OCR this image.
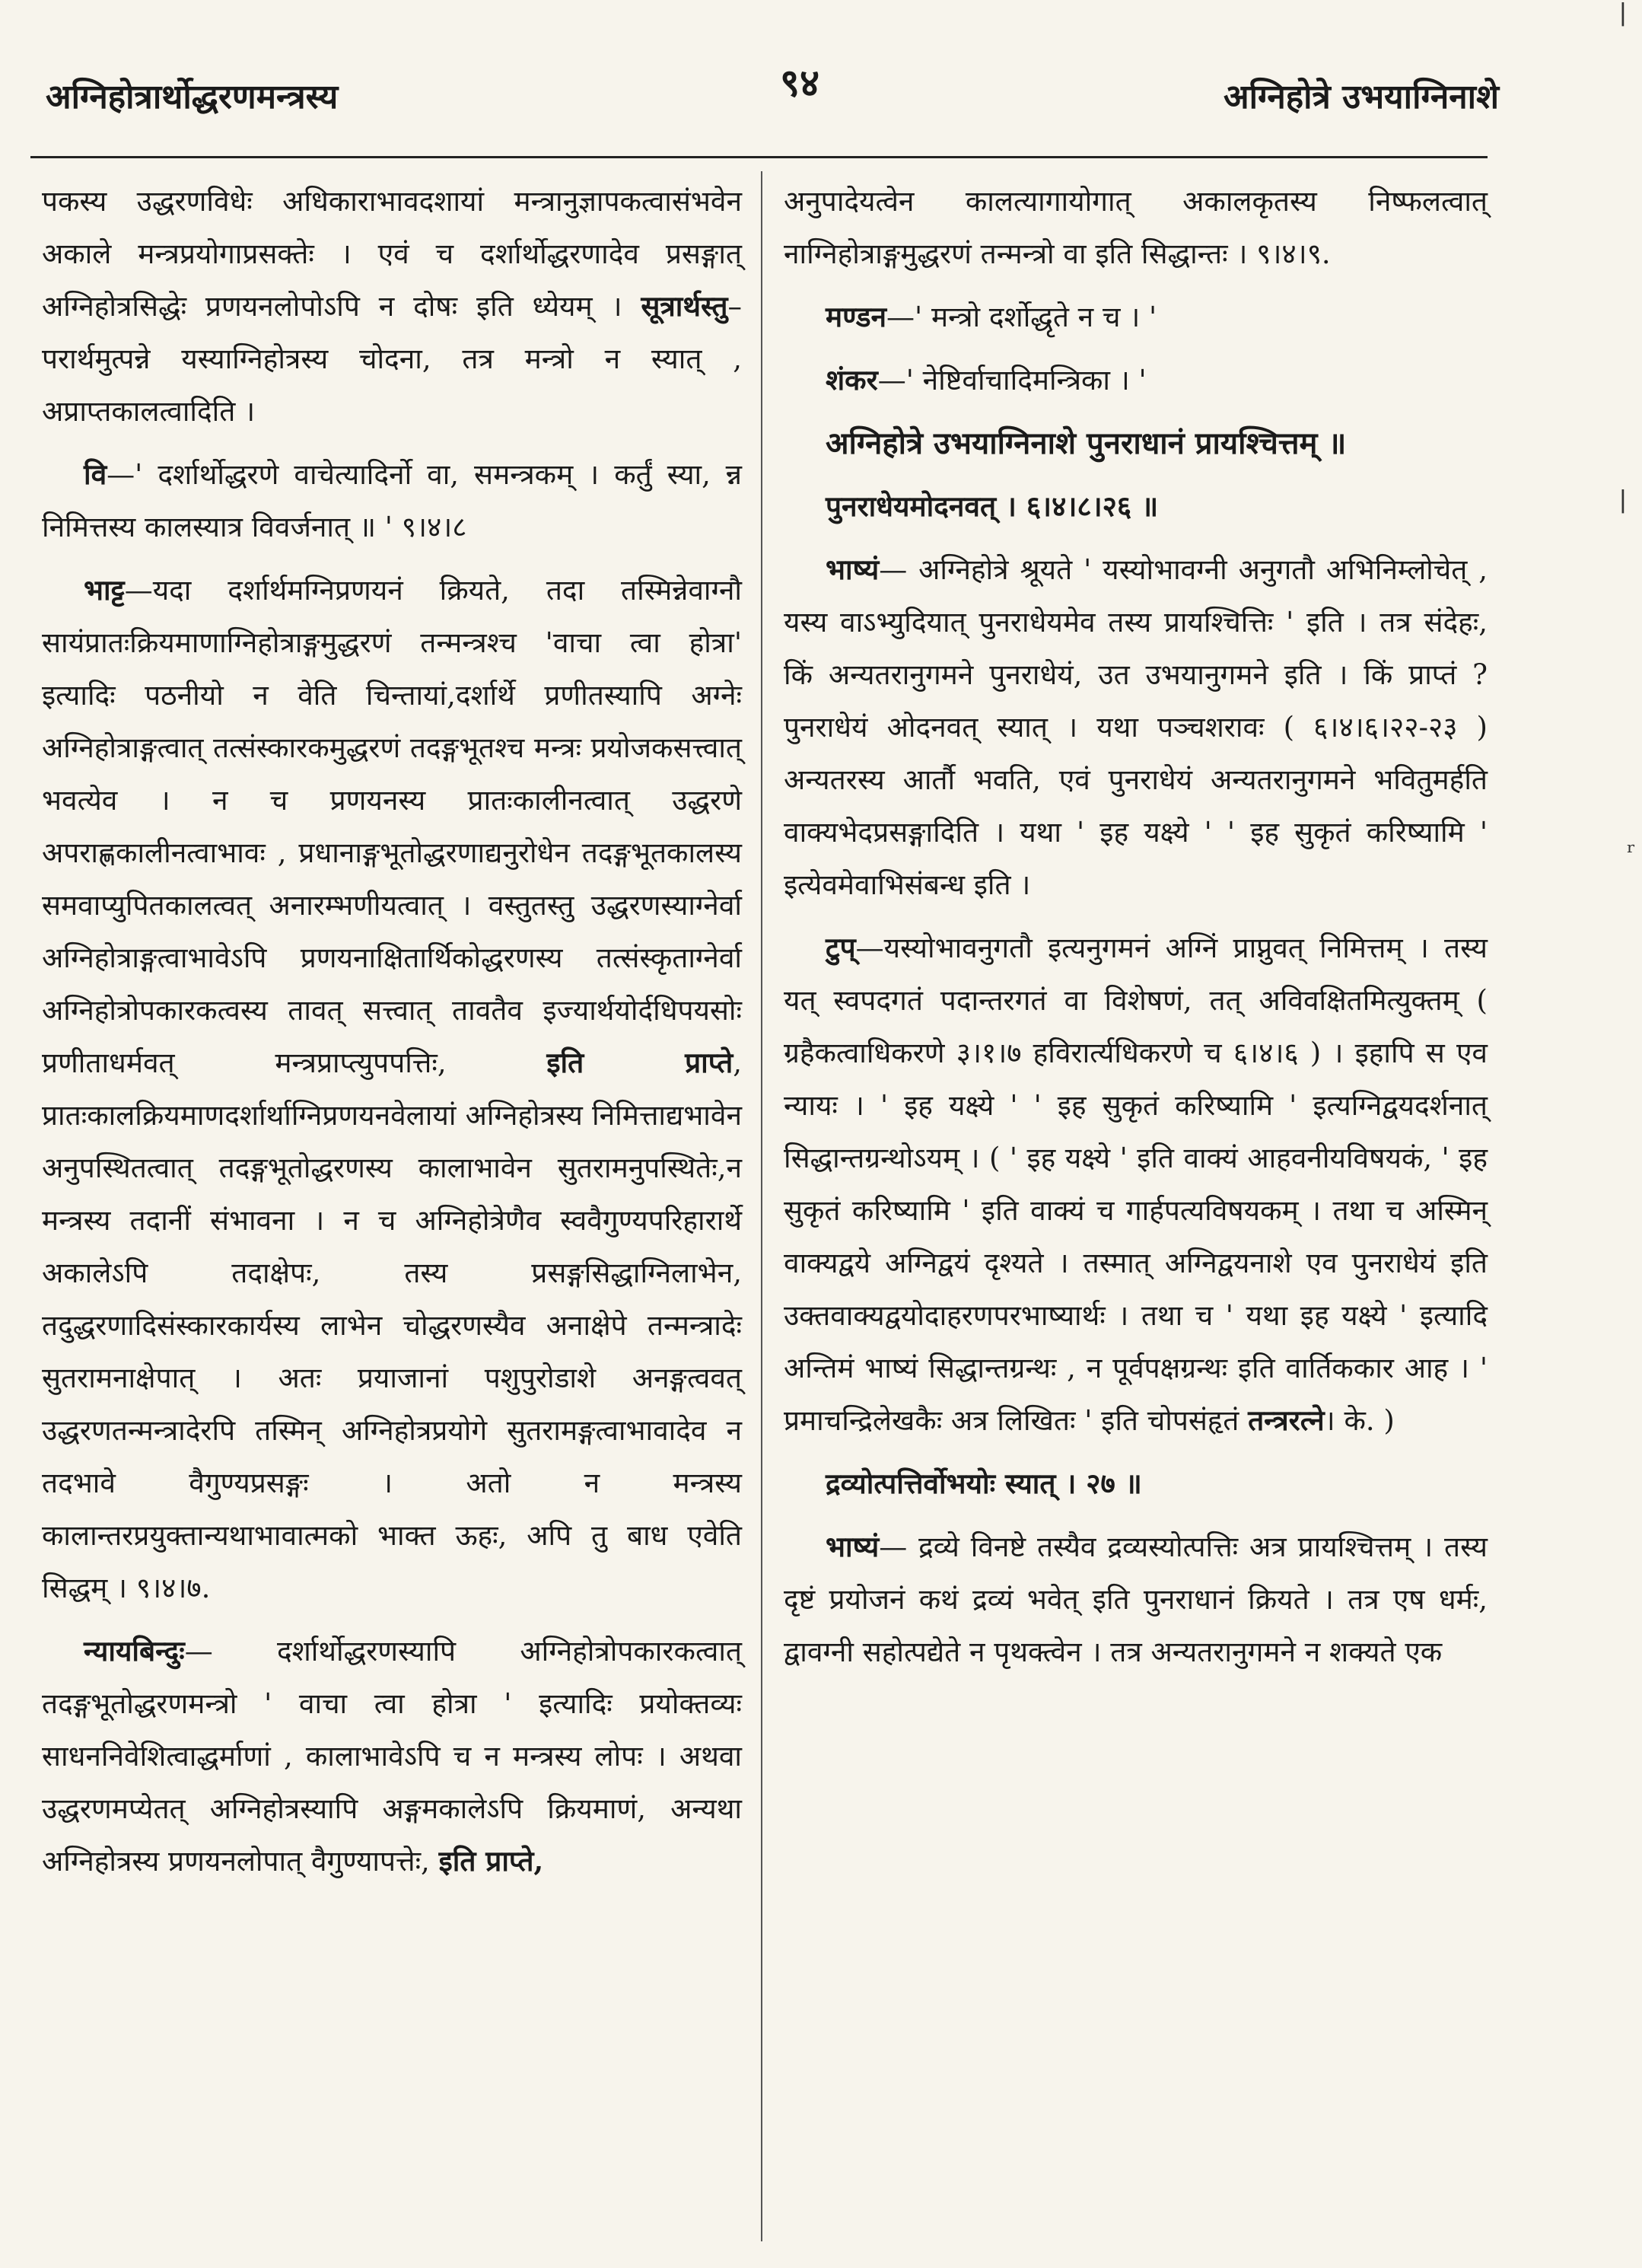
अग्निहोत्रार्थोद्धरणमन्त्रस्य	९४	अग्निहोत्रे उभयाग्निनाशे

पकस्य उद्धरणविधेः अधिकाराभावदशायां मन्त्रानुज्ञापकत्वासंभवेन अकाले मन्त्रप्रयोगाप्रसक्तेः । एवं च दर्शार्थोद्धरणादेव प्रसङ्गात् अग्निहोत्रसिद्धेः प्रणयनलोपोऽपि न दोषः इति ध्येयम् । सूत्रार्थस्तु– परार्थमुत्पन्ने यस्याग्निहोत्रस्य चोदना, तत्र मन्त्रो न स्यात् , अप्राप्तकालत्वादिति ।

वि—' दर्शार्थोद्धरणे वाचेत्यादिर्नो वा, समन्त्रकम् । कर्तुं स्या, न्न निमित्तस्य कालस्यात्र विवर्जनात् ॥ ' ९।४।८

भाट्ट—यदा दर्शार्थमग्निप्रणयनं क्रियते, तदा तस्मिन्नेवाग्नौ सायंप्रातःक्रियमाणाग्निहोत्राङ्गमुद्धरणं तन्मन्त्रश्च 'वाचा त्वा होत्रा' इत्यादिः पठनीयो न वेति चिन्तायां,दर्शार्थे प्रणीतस्यापि अग्नेः अग्निहोत्राङ्गत्वात् तत्संस्कारकमुद्धरणं तदङ्गभूतश्च मन्त्रः प्रयोजकसत्त्वात् भवत्येव । न च प्रणयनस्य प्रातःकालीनत्वात् उद्धरणे अपराह्णकालीनत्वाभावः , प्रधानाङ्गभूतोद्धरणाद्यनुरोधेन तदङ्गभूतकालस्य समवाप्युपितकालत्वत् अनारम्भणीयत्वात् । वस्तुतस्तु उद्धरणस्याग्नेर्वा अग्निहोत्राङ्गत्वाभावेऽपि प्रणयनाक्षितार्थिकोद्धरणस्य तत्संस्कृताग्नेर्वा अग्निहोत्रोपकारकत्वस्य तावत् सत्त्वात् तावतैव इज्यार्थयोर्दधिपयसोः प्रणीताधर्मवत् मन्त्रप्राप्त्युपपत्तिः,	इति प्राप्ते, प्रातःकालक्रियमाणदर्शार्थाग्निप्रणयनवेलायां अग्निहोत्रस्य निमित्ताद्यभावेन अनुपस्थितत्वात् तदङ्गभूतोद्धरणस्य कालाभावेन सुतरामनुपस्थितेः,न मन्त्रस्य तदानीं संभावना । न च अग्निहोत्रेणैव स्ववैगुण्यपरिहारार्थे अकालेऽपि तदाक्षेपः, तस्य प्रसङ्गसिद्धाग्निलाभेन, तदुद्धरणादिसंस्कारकार्यस्य लाभेन चोद्धरणस्यैव अनाक्षेपे तन्मन्त्रादेः सुतरामनाक्षेपात् । अतः प्रयाजानां पशुपुरोडाशे अनङ्गत्ववत् उद्धरणतन्मन्त्रादेरपि तस्मिन् अग्निहोत्रप्रयोगे सुतरामङ्गत्वाभावादेव न तदभावे वैगुण्यप्रसङ्गः । अतो न मन्त्रस्य कालान्तरप्रयुक्तान्यथाभावात्मको भाक्त ऊहः, अपि तु बाध एवेति सिद्धम् । ९।४।७.

न्यायबिन्दुः— दर्शार्थोद्धरणस्यापि अग्निहोत्रोपकारकत्वात् तदङ्गभूतोद्धरणमन्त्रो ' वाचा त्वा होत्रा ' इत्यादिः प्रयोक्तव्यः साधननिवेशित्वाद्धर्माणां , कालाभावेऽपि च न मन्त्रस्य लोपः । अथवा उद्धरणमप्येतत् अग्निहोत्रस्यापि अङ्गमकालेऽपि क्रियमाणं, अन्यथा अग्निहोत्रस्य प्रणयनलोपात् वैगुण्यापत्तेः, इति प्राप्ते,

अनुपादेयत्वेन कालत्यागायोगात् अकालकृतस्य निष्फलत्वात् नाग्निहोत्राङ्गमुद्धरणं तन्मन्त्रो वा इति सिद्धान्तः । ९।४।९.

मण्डन—' मन्त्रो दर्शोद्धृते न च । '

शंकर—' नेष्टिर्वाचादिमन्त्रिका । '

अग्निहोत्रे उभयाग्निनाशे पुनराधानं प्रायश्चित्तम् ॥

पुनराधेयमोदनवत् । ६।४।८।२६ ॥

भाष्यं— अग्निहोत्रे श्रूयते ' यस्योभावग्नी अनुगतौ अभिनिम्लोचेत् , यस्य वाऽभ्युदियात् पुनराधेयमेव तस्य प्रायश्चित्तिः ' इति । तत्र संदेहः, किं अन्यतरानुगमने पुनराधेयं, उत उभयानुगमने इति । किं प्राप्तं ? पुनराधेयं ओदनवत् स्यात् । यथा पञ्चशरावः ( ६।४।६।२२-२३ ) अन्यतरस्य आर्तौ भवति, एवं पुनराधेयं अन्यतरानुगमने भवितुमर्हति वाक्यभेदप्रसङ्गादिति । यथा ' इह यक्ष्ये ' ' इह सुकृतं करिष्यामि ' इत्येवमेवाभिसंबन्ध इति ।

टुप्—यस्योभावनुगतौ इत्यनुगमनं अग्निं प्राप्नुवत् निमित्तम् । तस्य यत् स्वपदगतं पदान्तरगतं वा विशेषणं, तत् अविवक्षितमित्युक्तम् ( ग्रहैकत्वाधिकरणे ३।१।७ हविरार्त्यधिकरणे च ६।४।६ ) । इहापि स एव न्यायः । ' इह यक्ष्ये ' ' इह सुकृतं करिष्यामि ' इत्यग्निद्वयदर्शनात् सिद्धान्तग्रन्थोऽयम् । ( ' इह यक्ष्ये ' इति वाक्यं आहवनीयविषयकं, ' इह सुकृतं करिष्यामि ' इति वाक्यं च गार्हपत्यविषयकम् । तथा च अस्मिन् वाक्यद्वये अग्निद्वयं दृश्यते । तस्मात् अग्निद्वयनाशे एव पुनराधेयं इति उक्तवाक्यद्वयोदाहरणपरभाष्यार्थः । तथा च ' यथा इह यक्ष्ये ' इत्यादि अन्तिमं भाष्यं सिद्धान्तग्रन्थः , न पूर्वपक्षग्रन्थः इति वार्तिककार आह । ' प्रमाचन्द्रिलेखकैः अत्र लिखितः ' इति चोपसंहृतं तन्त्ररत्ने। के. )

द्रव्योत्पत्तिर्वोभयोः स्यात् । २७ ॥

भाष्यं— द्रव्ये विनष्टे तस्यैव द्रव्यस्योत्पत्तिः अत्र प्रायश्चित्तम् । तस्य दृष्टं प्रयोजनं कथं द्रव्यं भवेत् इति पुनराधानं क्रियते । तत्र एष धर्मः, द्वावग्नी सहोत्पद्येते न पृथक्त्वेन । तत्र अन्यतरानुगमने न शक्यते एक

∣
∣
ʳ
